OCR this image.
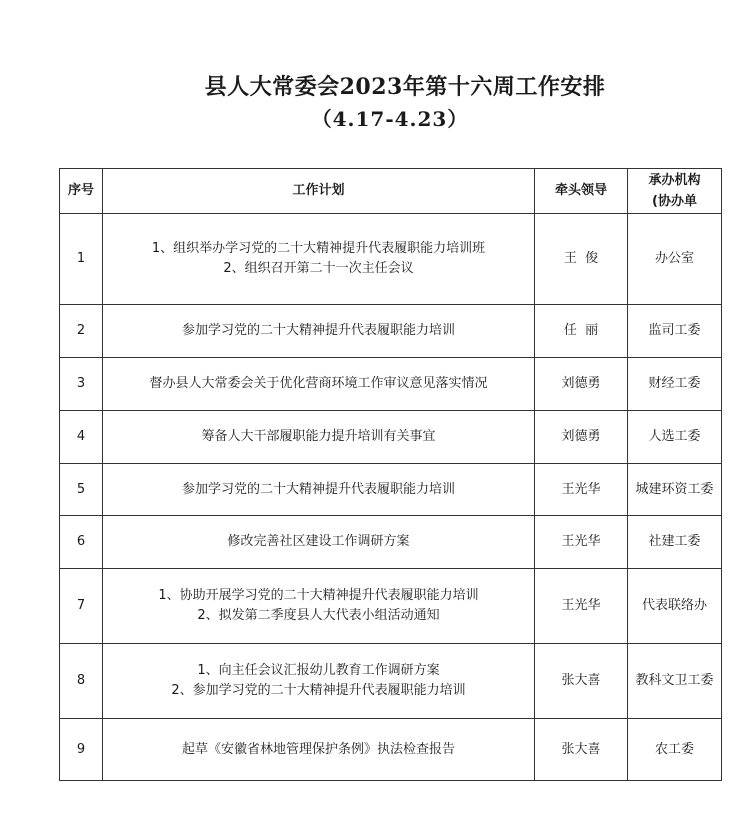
县人大常委会2023年第十六周工作安排
（4.17-4.23）
序号	工作计划	牵头领导	承办机构
(协办单

1	1、组织举办学习党的二十大精神提升代表履职能力培训班
2、组织召开第二十一次主任会议	王  俊	办公室
2	参加学习党的二十大精神提升代表履职能力培训	任  丽	监司工委
3	督办县人大常委会关于优化营商环境工作审议意见落实情况	刘德勇	财经工委
4	筹备人大干部履职能力提升培训有关事宜	刘德勇	人选工委
5	参加学习党的二十大精神提升代表履职能力培训	王光华	城建环资工委
6	修改完善社区建设工作调研方案	王光华	社建工委
7	1、协助开展学习党的二十大精神提升代表履职能力培训
2、拟发第二季度县人大代表小组活动通知	王光华	代表联络办
8	1、向主任会议汇报幼儿教育工作调研方案
2、参加学习党的二十大精神提升代表履职能力培训	张大喜	教科文卫工委
9	起草《安徽省林地管理保护条例》执法检查报告	张大喜	农工委
